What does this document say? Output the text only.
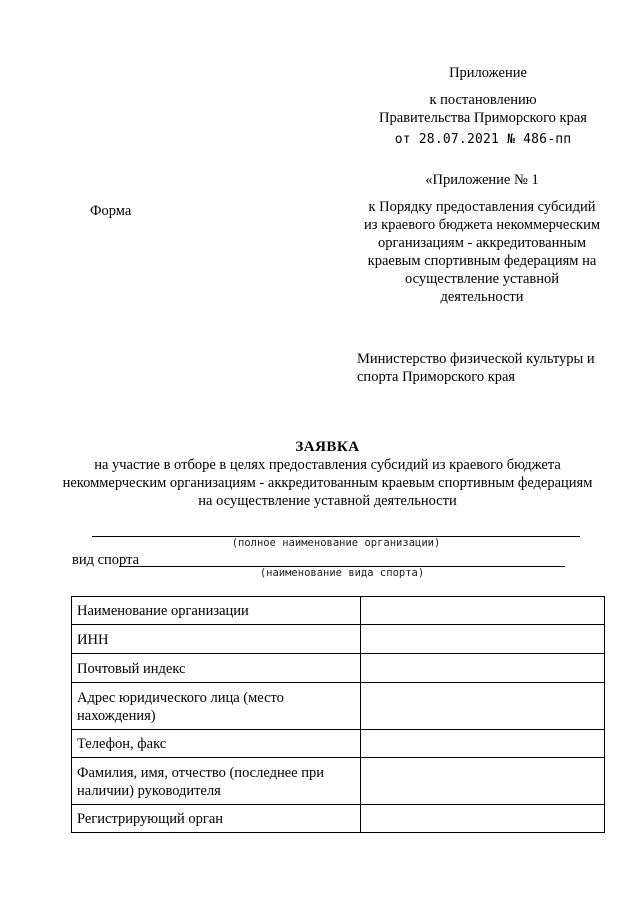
Приложение
к постановлению
Правительства Приморского края
от 28.07.2021 № 486-пп
«Приложение № 1
к Порядку предоставления субсидий из краевого бюджета некоммерческим организациям - аккредитованным краевым спортивным федерациям на осуществление уставной деятельности
Форма
Министерство физической культуры и спорта Приморского края
ЗАЯВКА
на участие в отборе в целях предоставления субсидий из краевого бюджета некоммерческим организациям - аккредитованным краевым спортивным федерациям на осуществление уставной деятельности
(полное наименование организации)
вид спорта
(наименование вида спорта)
Наименование организации	
ИНН	
Почтовый индекс	
Адрес юридического лица (место нахождения)	
Телефон, факс	
Фамилия, имя, отчество (последнее при наличии) руководителя	
Регистрирующий орган	
